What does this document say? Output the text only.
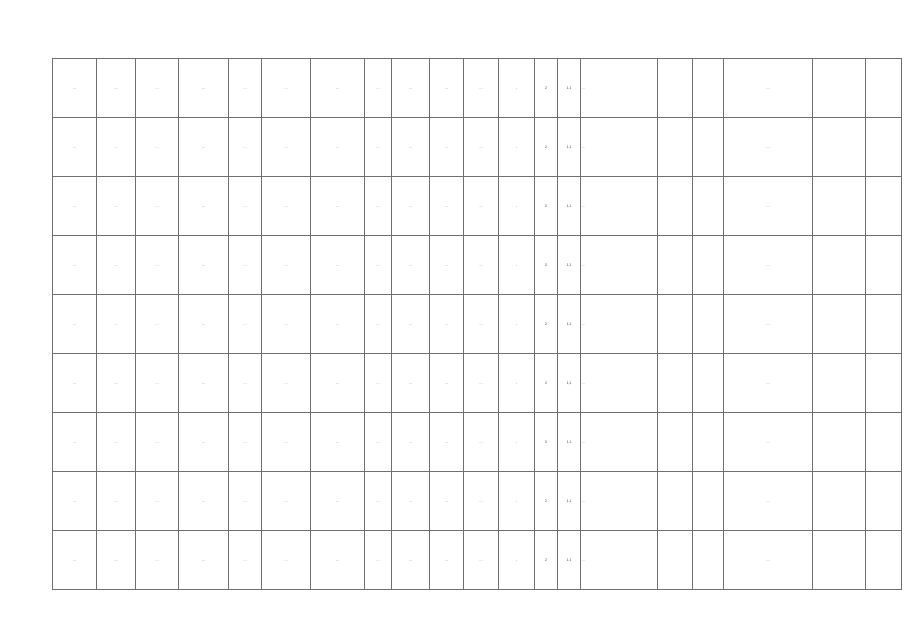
…	…	…	…	…	…	…	…	…	…	…	-	2	1,1	…			…		
…	…	…	…	…	…	…	…	…	…	…	-	2	1,1	…			…		
…	…	…	…	…	…	…	…	…	…	…	-	2	1,1	…			…		
…	…	…	…	…	…	…	…	…	…	…	-	2	1,1	…			…		
…	…	…	…	…	…	…	…	…	…	…	-	2	1,1	…			…		
…	…	…	…	…	…	…	…	…	…	…	-	2	1,1	…			…		
…	…	…	…	…	…	…	…	…	…	…	-	2	1,1	…			…		
…	…	…	…	…	…	…	…	…	…	…	-	2	1,1	…			…		
…	…	…	…	…	…	…	…	…	…	…	-	2	1,1	…			…		
